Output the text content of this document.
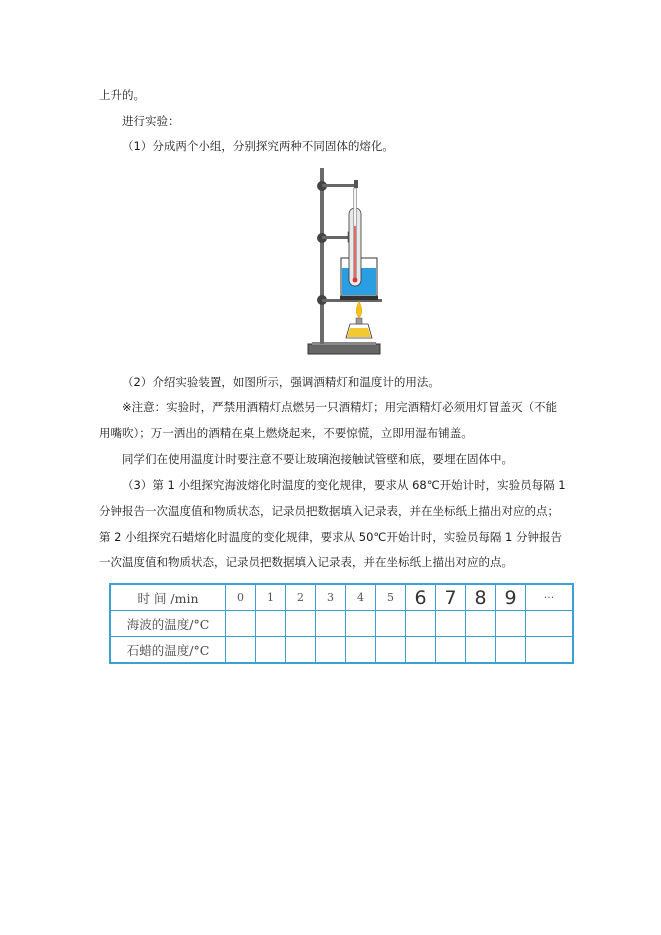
上升的。
进行实验：
（1）分成两个小组，分别探究两种不同固体的熔化。
（2）介绍实验装置，如图所示，强调酒精灯和温度计的用法。
※注意：实验时，严禁用酒精灯点燃另一只酒精灯；用完酒精灯必须用灯冒盖灭（不能
用嘴吹）；万一洒出的酒精在桌上燃烧起来，不要惊慌，立即用湿布铺盖。
同学们在使用温度计时要注意不要让玻璃泡接触试管壁和底，要埋在固体中。
（3）第 1 小组探究海波熔化时温度的变化规律，要求从 68℃开始计时，实验员每隔 1
分钟报告一次温度值和物质状态，记录员把数据填入记录表，并在坐标纸上描出对应的点；
第 2 小组探究石蜡熔化时温度的变化规律，要求从 50℃开始计时，实验员每隔 1 分钟报告
一次温度值和物质状态，记录员把数据填入记录表，并在坐标纸上描出对应的点。
时 间 /min	0	1	2	3	4	5	6	7	8	9	···
海波的温度/°C											
石蜡的温度/°C											
